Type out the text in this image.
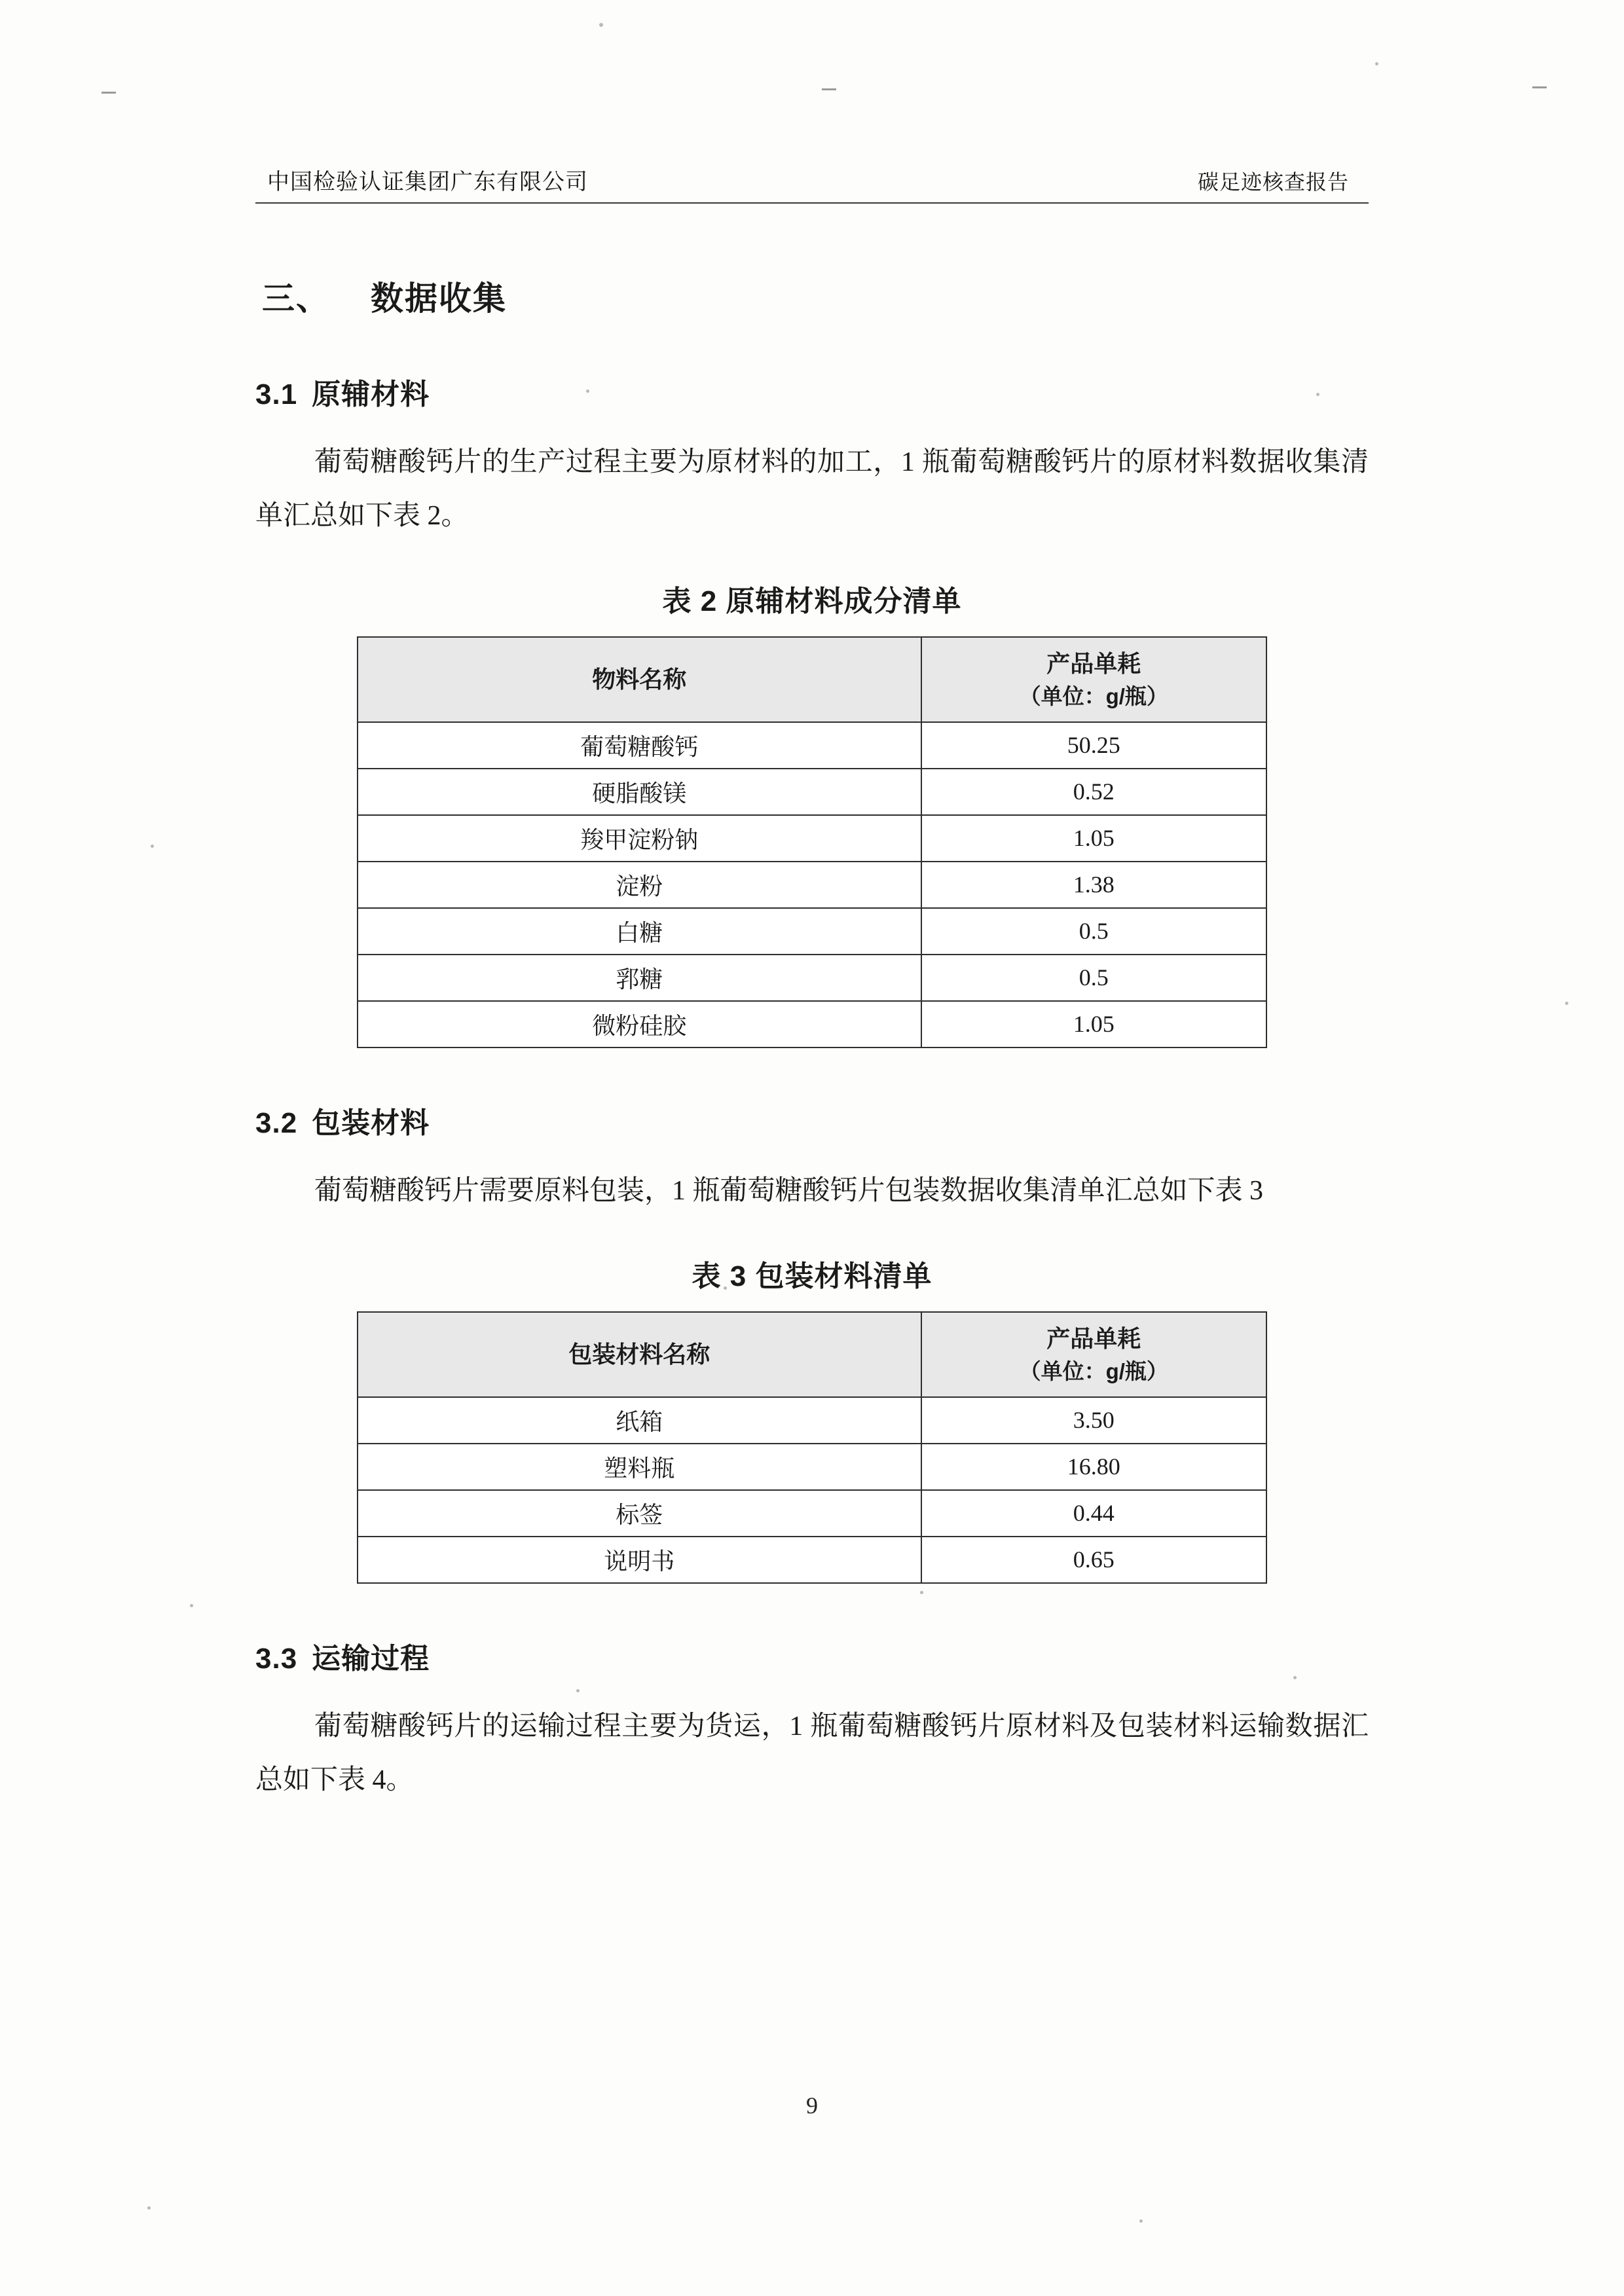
中国检验认证集团广东有限公司	碳足迹核查报告
三、 数据收集
3.1 原辅材料

葡萄糖酸钙片的生产过程主要为原材料的加工，1 瓶葡萄糖酸钙片的原材料数据收集清单汇总如下表 2。

表 2 原辅材料成分清单
物料名称	产品单耗
（单位：g/瓶）

葡萄糖酸钙	50.25
硬脂酸镁	0.52
羧甲淀粉钠	1.05
淀粉	1.38
白糖	0.5
郛糖	0.5
微粉硅胶	1.05
3.2 包装材料

葡萄糖酸钙片需要原料包装，1 瓶葡萄糖酸钙片包装数据收集清单汇总如下表 3

表 3 包装材料清单
包装材料名称	产品单耗
（单位：g/瓶）

纸箱	3.50
塑料瓶	16.80
标签	0.44
说明书	0.65
3.3 运输过程

葡萄糖酸钙片的运输过程主要为货运，1 瓶葡萄糖酸钙片原材料及包装材料运输数据汇总如下表 4。

9
